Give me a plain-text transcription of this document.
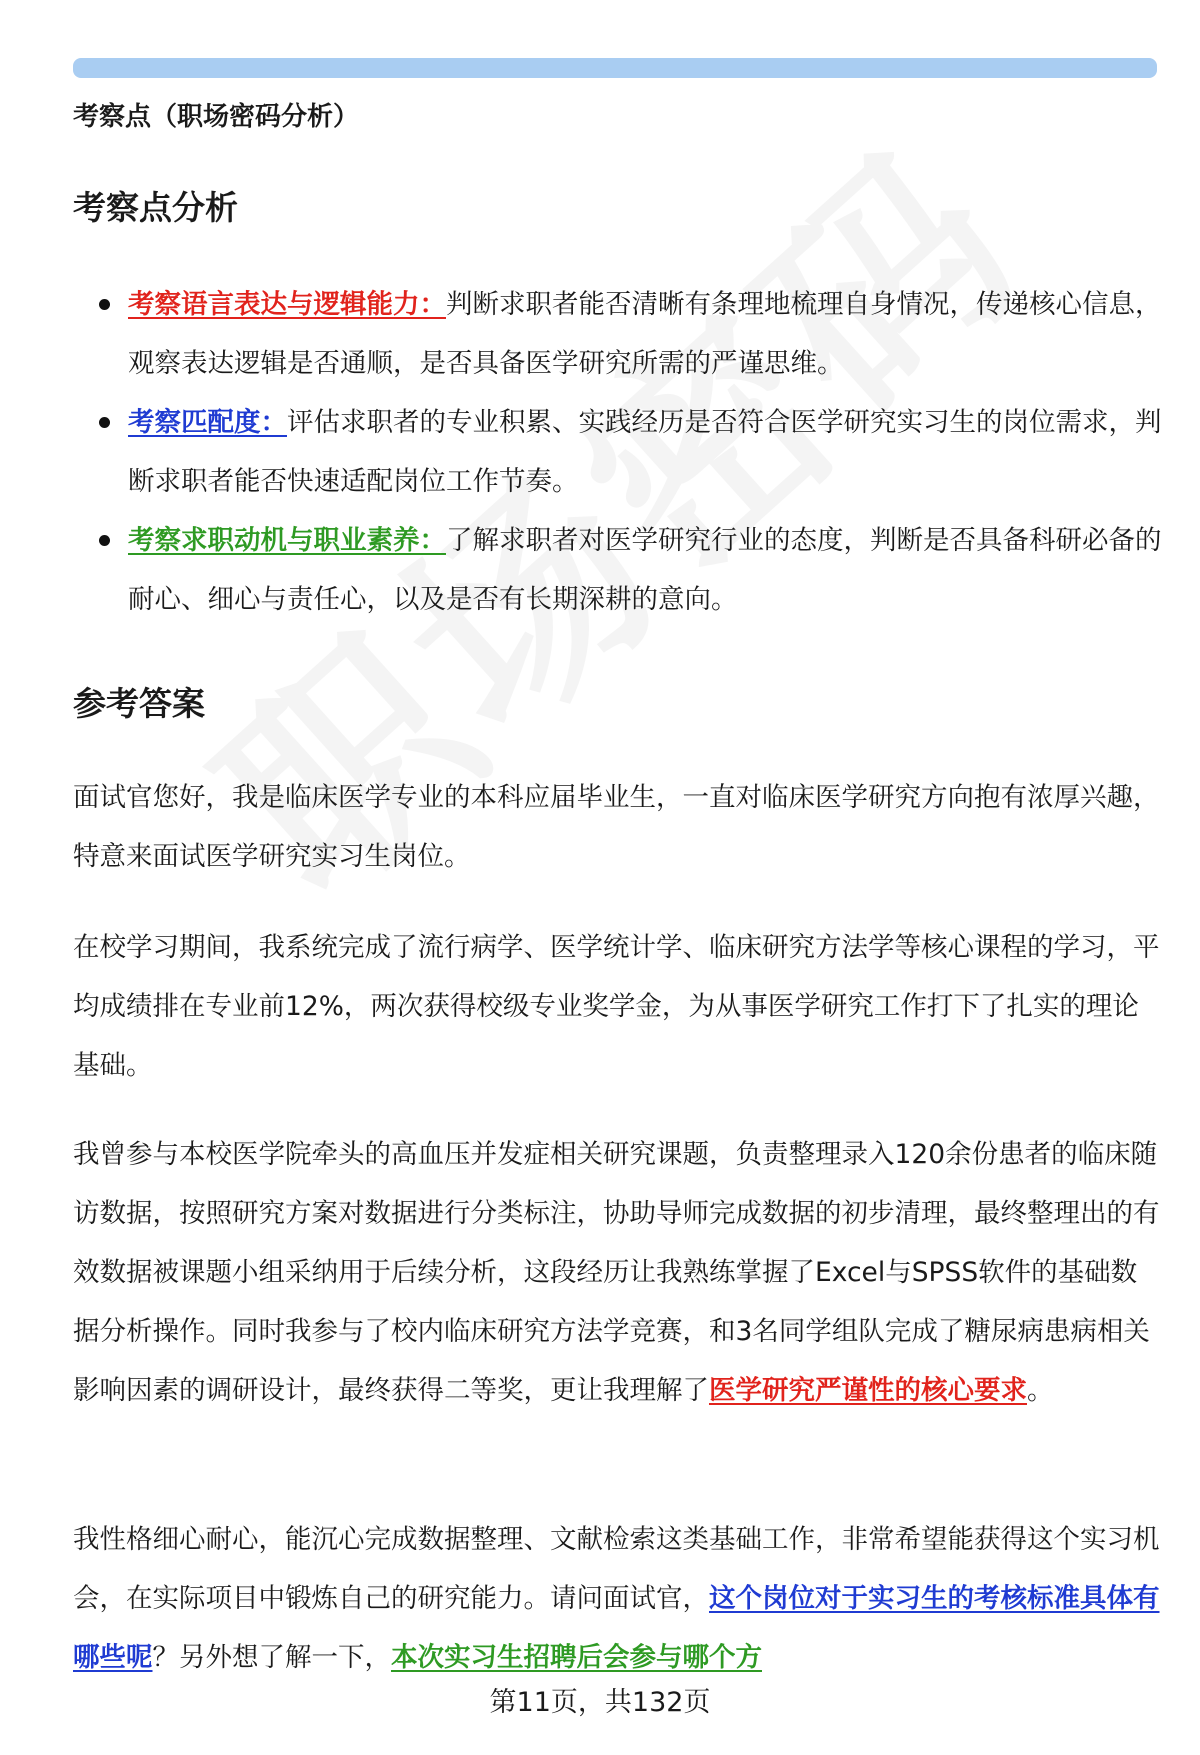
考察点（职场密码分析）

考察点分析
考察语言表达与逻辑能力：判断求职者能否清晰有条理地梳理自身情况，传递核心信息，观察表达逻辑是否通顺，是否具备医学研究所需的严谨思维。
考察匹配度：评估求职者的专业积累、实践经历是否符合医学研究实习生的岗位需求，判断求职者能否快速适配岗位工作节奏。
考察求职动机与职业素养：了解求职者对医学研究行业的态度，判断是否具备科研必备的耐心、细心与责任心，以及是否有长期深耕的意向。
参考答案

面试官您好，我是临床医学专业的本科应届毕业生，一直对临床医学研究方向抱有浓厚兴趣，特意来面试医学研究实习生岗位。

在校学习期间，我系统完成了流行病学、医学统计学、临床研究方法学等核心课程的学习，平均成绩排在专业前12%，两次获得校级专业奖学金，为从事医学研究工作打下了扎实的理论基础。

我曾参与本校医学院牵头的高血压并发症相关研究课题，负责整理录入120余份患者的临床随访数据，按照研究方案对数据进行分类标注，协助导师完成数据的初步清理，最终整理出的有效数据被课题小组采纳用于后续分析，这段经历让我熟练掌握了Excel与SPSS软件的基础数据分析操作。同时我参与了校内临床研究方法学竞赛，和3名同学组队完成了糖尿病患病相关影响因素的调研设计，最终获得二等奖，更让我理解了医学研究严谨性的核心要求。

我性格细心耐心，能沉心完成数据整理、文献检索这类基础工作，非常希望能获得这个实习机会，在实际项目中锻炼自己的研究能力。请问面试官，这个岗位对于实习生的考核标准具体有哪些呢？另外想了解一下，本次实习生招聘后会参与哪个方

第11页，共132页
